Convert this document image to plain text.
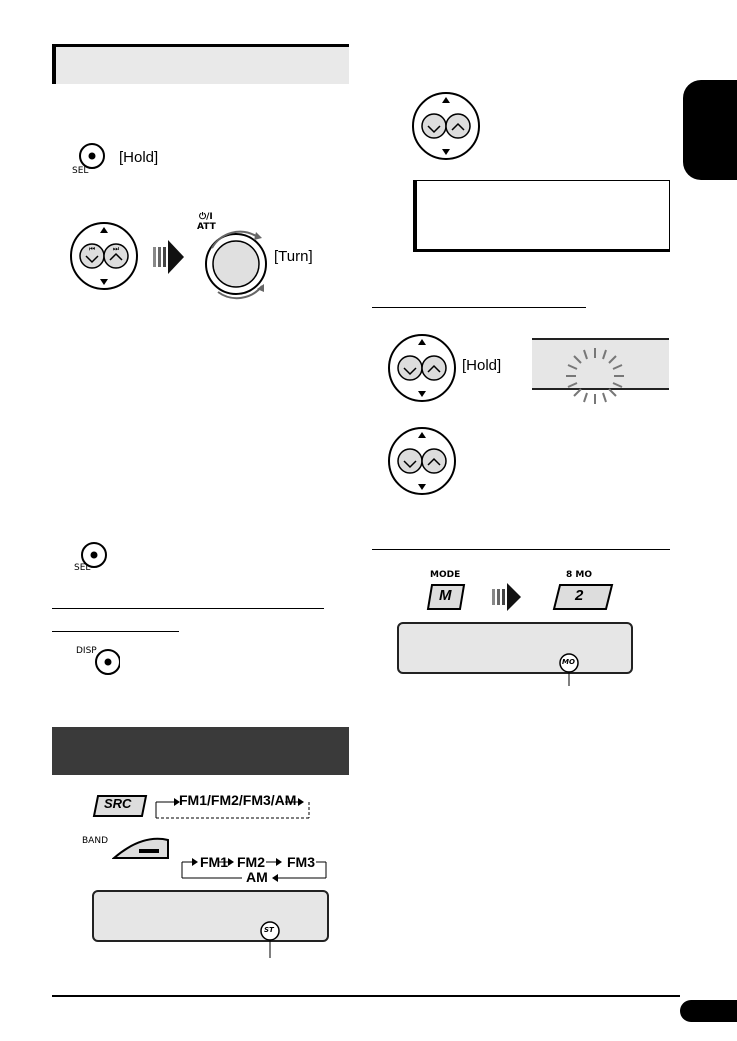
SEL
[Hold]
⏮	⏭
⏻/I
ATT
[Turn]
SEL
DISP
SRC	FM1/FM2/FM3/AM
BAND
FM1 FM2 FM3
AM
ST
[Hold]
MODE
M
8 MO
2
MO
